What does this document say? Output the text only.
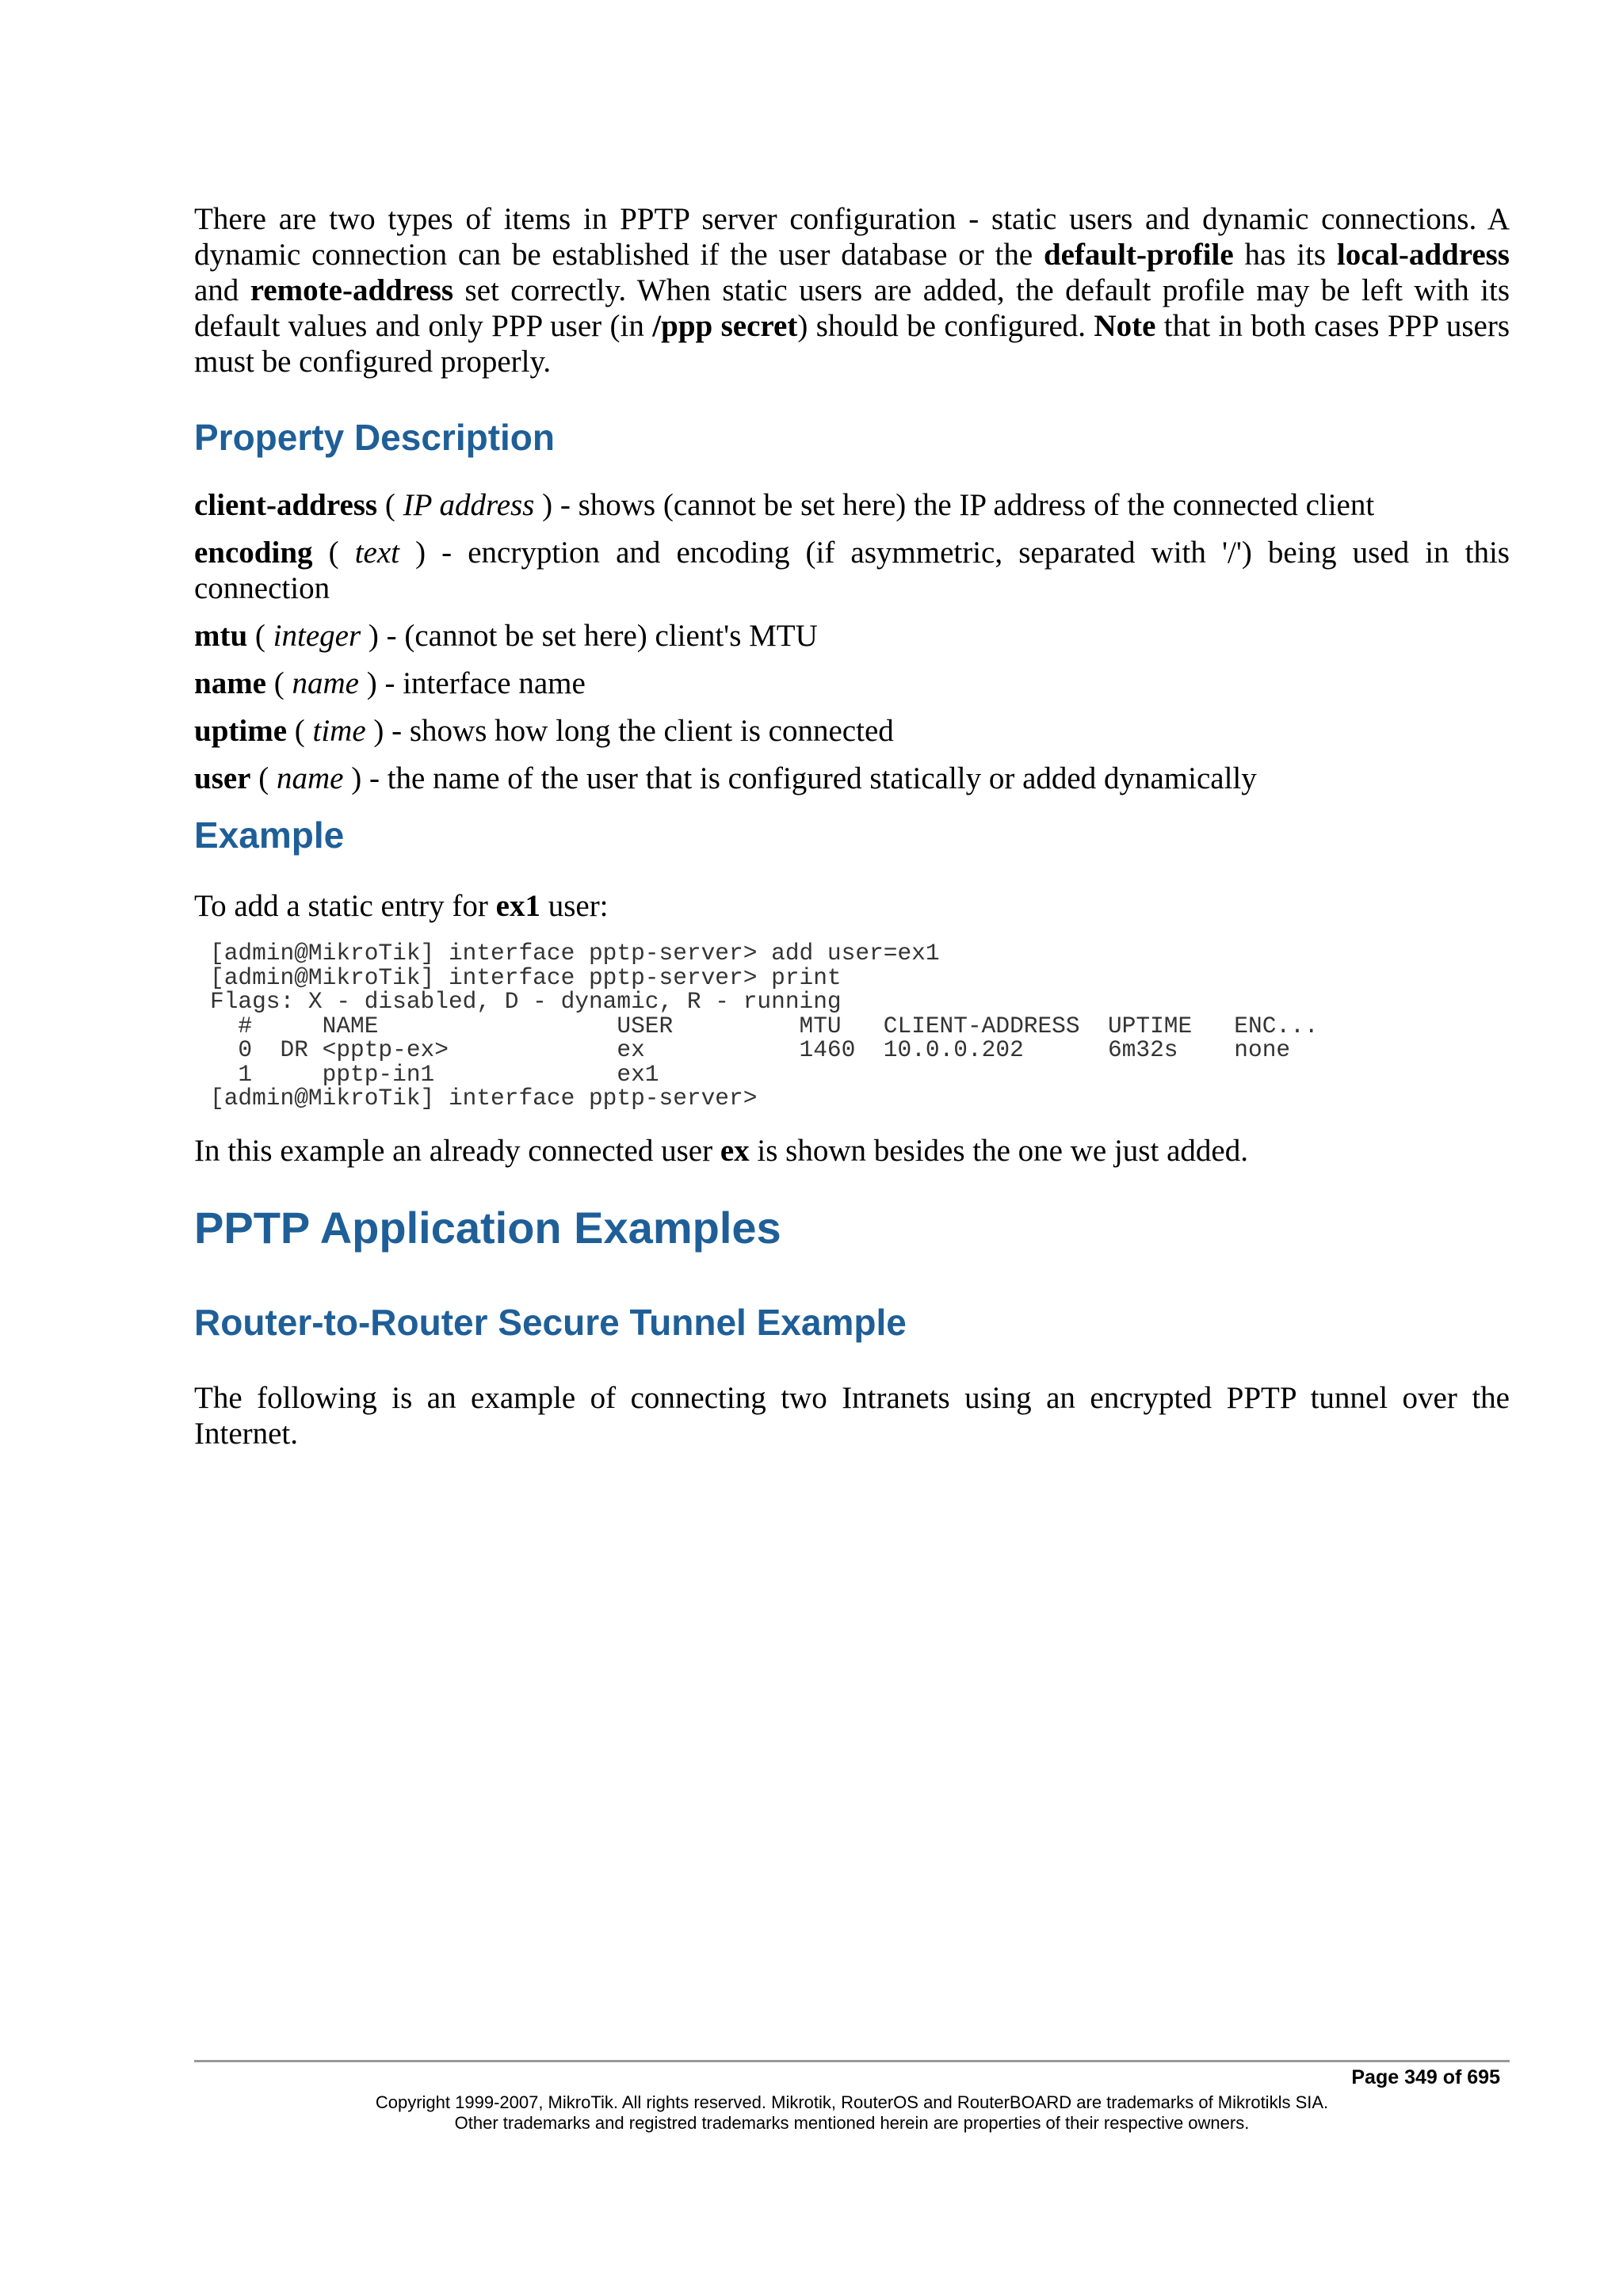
There are two types of items in PPTP server configuration - static users and dynamic connections. A dynamic connection can be established if the user database or the default-profile has its local-address and remote-address set correctly. When static users are added, the default profile may be left with its default values and only PPP user (in /ppp secret) should be configured. Note that in both cases PPP users must be configured properly.

Property Description

client-address ( IP address ) - shows (cannot be set here) the IP address of the connected client

encoding ( text ) - encryption and encoding (if asymmetric, separated with '/') being used in this connection

mtu ( integer ) - (cannot be set here) client's MTU

name ( name ) - interface name

uptime ( time ) - shows how long the client is connected

user ( name ) - the name of the user that is configured statically or added dynamically

Example

To add a static entry for ex1 user:

[admin@MikroTik] interface pptp-server> add user=ex1
[admin@MikroTik] interface pptp-server> print
Flags: X - disabled, D - dynamic, R - running
#     NAME                 USER         MTU   CLIENT-ADDRESS  UPTIME   ENC...
0  DR <pptp-ex>            ex           1460  10.0.0.202      6m32s    none
1     pptp-in1             ex1
[admin@MikroTik] interface pptp-server>

In this example an already connected user ex is shown besides the one we just added.

PPTP Application Examples
Router-to-Router Secure Tunnel Example

The following is an example of connecting two Intranets using an encrypted PPTP tunnel over the Internet.

Page 349 of 695
Copyright 1999-2007, MikroTik. All rights reserved. Mikrotik, RouterOS and RouterBOARD are trademarks of Mikrotikls SIA.
Other trademarks and registred trademarks mentioned herein are properties of their respective owners.
